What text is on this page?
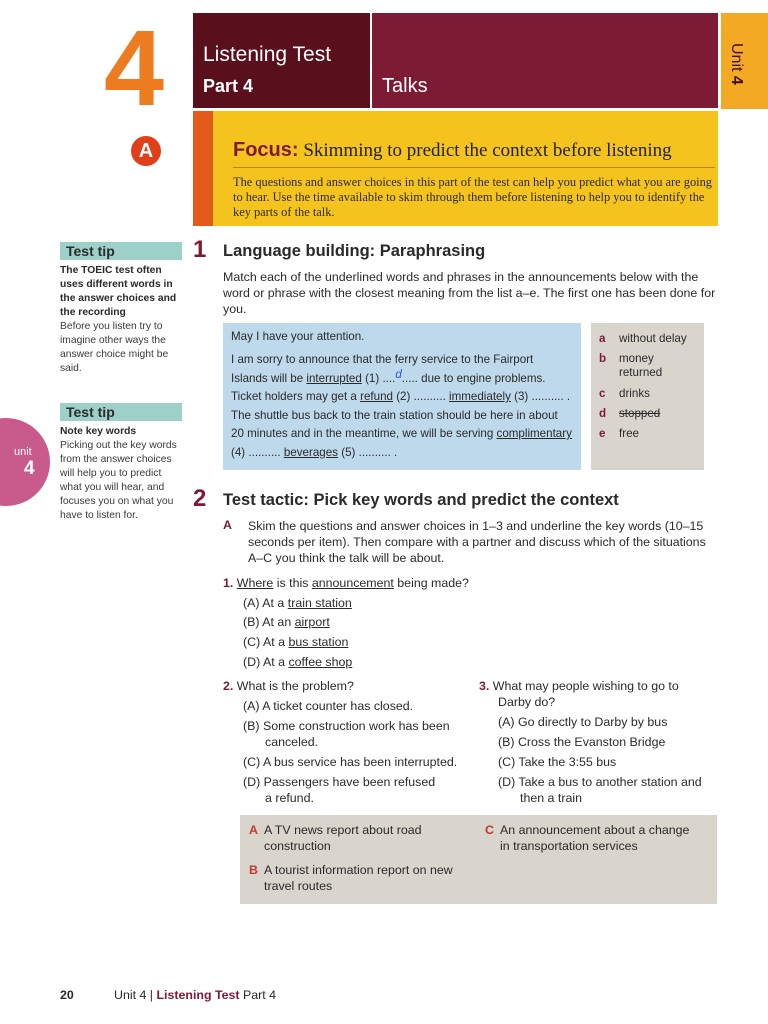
4 Listening Test
Part 4	Talks
Unit 4
A	Focus: Skimming to predict the context before listening
The questions and answer choices in this part of the test can help you predict what you are going to hear. Use the time available to skim through them before listening to help you to identify the key parts of the talk.
Test tip
The TOEIC test often uses different words in the answer choices and the recording
Before you listen try to imagine other ways the answer choice might be said.
Test tip
Note key words
Picking out the key words from the answer choices will help you to predict what you will hear, and focuses you on what you have to listen for.
unit
4
1 Language building: Paraphrasing
Match each of the underlined words and phrases in the announcements below with the word or phrase with the closest meaning from the list a–e. The first one has been done for you.

May I have your attention.

I am sorry to announce that the ferry service to the Fairport Islands will be interrupted (1) ....d..... due to engine problems. Ticket holders may get a refund (2) .......... immediately (3) .......... . The shuttle bus back to the train station should be here in about 20 minutes and in the meantime, we will be serving complimentary (4) .......... beverages (5) .......... .

a without delay
b money returned
c drinks
d stopped
e free
2 Test tactic: Pick key words and predict the context
A Skim the questions and answer choices in 1–3 and underline the key words (10–15 seconds per item). Then compare with a partner and discuss which of the situations A–C you think the talk will be about.
1. Where is this announcement being made?
(A) At a train station
(B) At an airport
(C) At a bus station
(D) At a coffee shop
2. What is the problem?
(A) A ticket counter has closed.
(B) Some construction work has been
canceled.
(C) A bus service has been interrupted.
(D) Passengers have been refused
a refund.
3. What may people wishing to go to
Darby do?
(A) Go directly to Darby by bus
(B) Cross the Evanston Bridge
(C) Take the 3:55 bus
(D) Take a bus to another station and
then a train
A A TV news report about road
construction
B A tourist information report on new
travel routes
C An announcement about a change
in transportation services
20	Unit 4 | Listening Test Part 4
